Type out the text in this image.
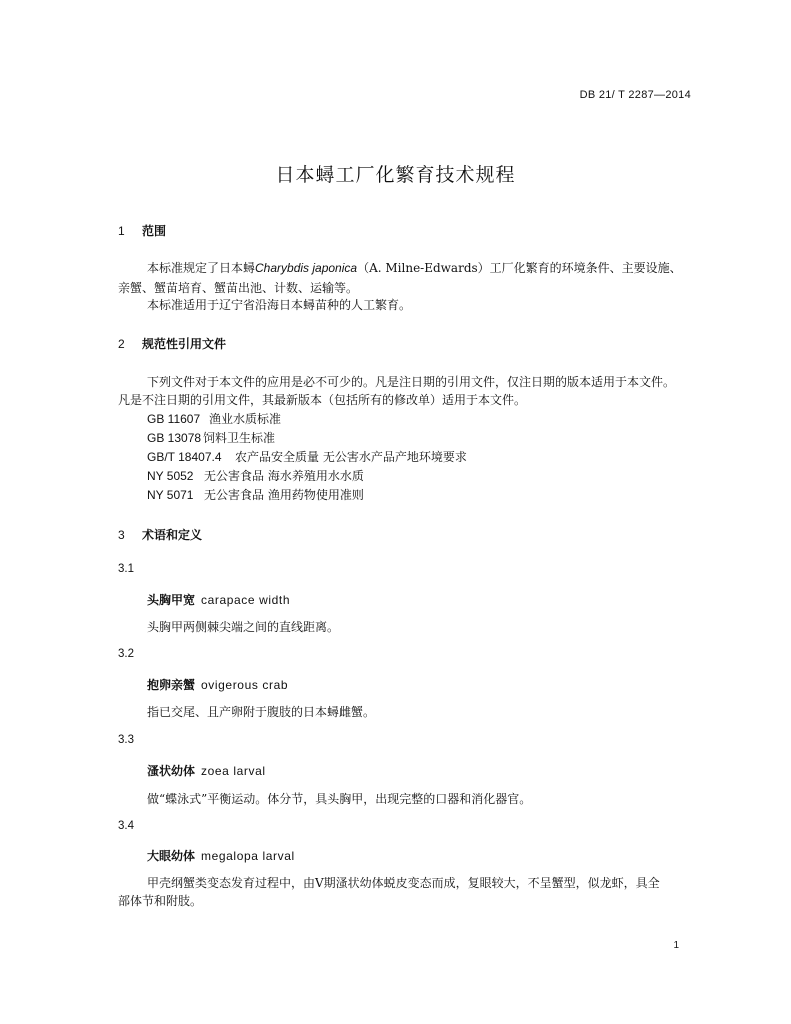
DB 21/ T 2287—2014
日本蟳工厂化繁育技术规程
1 范围
本标准规定了日本蟳Charybdis japonica（A. Milne-Edwards）工厂化繁育的环境条件、主要设施、
亲蟹、蟹苗培育、蟹苗出池、计数、运输等。
本标准适用于辽宁省沿海日本蟳苗种的人工繁育。
2 规范性引用文件
下列文件对于本文件的应用是必不可少的。凡是注日期的引用文件，仅注日期的版本适用于本文件。
凡是不注日期的引用文件，其最新版本（包括所有的修改单）适用于本文件。
GB 11607 渔业水质标准
GB 13078 饲料卫生标准
GB/T 18407.4 农产品安全质量 无公害水产品产地环境要求
NY 5052 无公害食品 海水养殖用水水质
NY 5071 无公害食品 渔用药物使用准则
3 术语和定义
3.1
头胸甲宽 carapace width
头胸甲两侧棘尖端之间的直线距离。
3.2
抱卵亲蟹 ovigerous crab
指已交尾、且产卵附于腹肢的日本蟳雌蟹。
3.3
溞状幼体 zoea larval
做“蝶泳式”平衡运动。体分节，具头胸甲，出现完整的口器和消化器官。
3.4
大眼幼体 megalopa larval
甲壳纲蟹类变态发育过程中，由Ⅴ期溞状幼体蜕皮变态而成，复眼较大，不呈蟹型，似龙虾，具全
部体节和附肢。
1
